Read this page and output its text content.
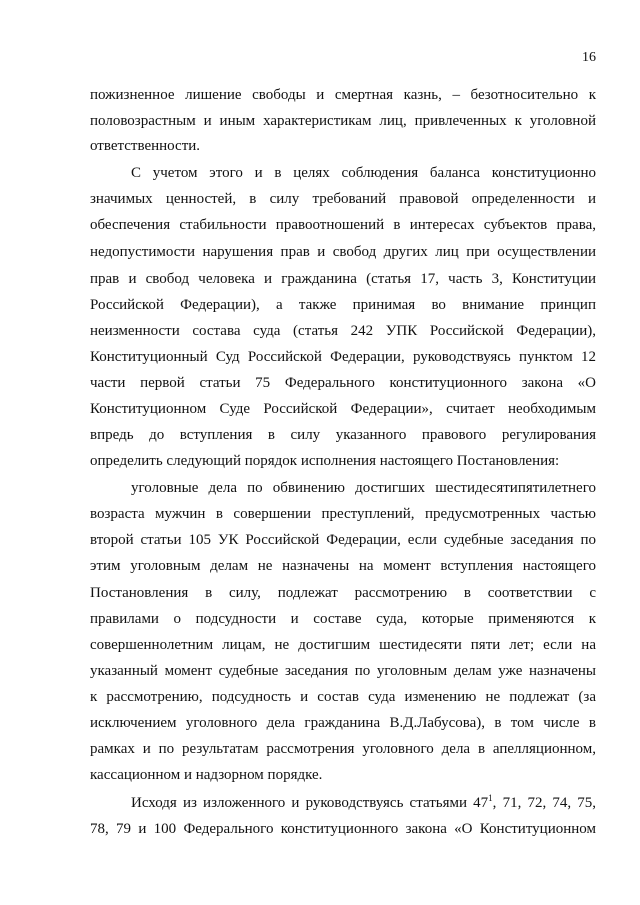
16
пожизненное лишение свободы и смертная казнь, – безотносительно к
половозрастным и иным характеристикам лиц, привлеченных к уголовной
ответственности.
С учетом этого и в целях соблюдения баланса конституционно
значимых ценностей, в силу требований правовой определенности и
обеспечения стабильности правоотношений в интересах субъектов права,
недопустимости нарушения прав и свобод других лиц при осуществлении
прав и свобод человека и гражданина (статья 17, часть 3, Конституции
Российской Федерации), а также принимая во внимание принцип
неизменности состава суда (статья 242 УПК Российской Федерации),
Конституционный Суд Российской Федерации, руководствуясь пунктом 12
части первой статьи 75 Федерального конституционного закона «О
Конституционном Суде Российской Федерации», считает необходимым
впредь до вступления в силу указанного правового регулирования
определить следующий порядок исполнения настоящего Постановления:
уголовные дела по обвинению достигших шестидесятипятилетнего
возраста мужчин в совершении преступлений, предусмотренных частью
второй статьи 105 УК Российской Федерации, если судебные заседания по
этим уголовным делам не назначены на момент вступления настоящего
Постановления в силу, подлежат рассмотрению в соответствии с
правилами о подсудности и составе суда, которые применяются к
совершеннолетним лицам, не достигшим шестидесяти пяти лет; если на
указанный момент судебные заседания по уголовным делам уже назначены
к рассмотрению, подсудность и состав суда изменению не подлежат (за
исключением уголовного дела гражданина В.Д.Лабусова), в том числе в
рамках и по результатам рассмотрения уголовного дела в апелляционном,
кассационном и надзорном порядке.
Исходя из изложенного и руководствуясь статьями $47^1$, 71, 72, 74, 75,
78, 79 и 100 Федерального конституционного закона «О Конституционном
